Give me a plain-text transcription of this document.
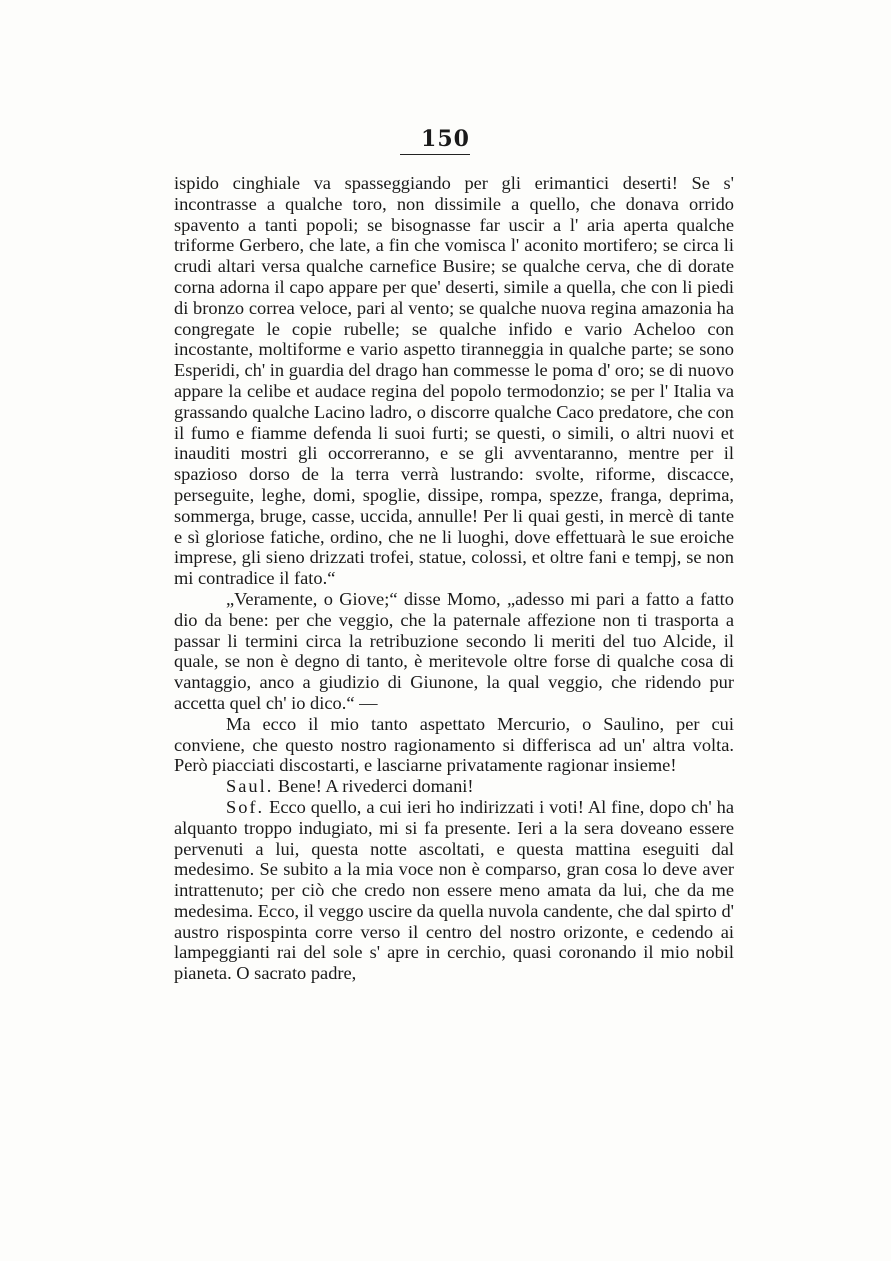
150

ispido cinghiale va spasseggiando per gli erimantici deserti! Se s' incontrasse a qualche toro, non dissimile a quello, che donava orrido spavento a tanti popoli; se bisognasse far uscir a l' aria aperta qualche triforme Gerbero, che late, a fin che vomisca l' aconito mortifero; se circa li crudi altari versa qualche carnefice Busire; se qualche cerva, che di dorate corna adorna il capo appare per que' deserti, simile a quella, che con li piedi di bronzo correa veloce, pari al vento; se qualche nuova regina amazonia ha congregate le copie rubelle; se qualche infido e vario Acheloo con incostante, moltiforme e vario aspetto tiranneggia in qualche parte; se sono Esperidi, ch' in guardia del drago han commesse le poma d' oro; se di nuovo appare la celibe et audace regina del popolo termodonzio; se per l' Italia va grassando qualche Lacino ladro, o discorre qualche Caco predatore, che con il fumo e fiamme defenda li suoi furti; se questi, o simili, o altri nuovi et inauditi mostri gli occorreranno, e se gli avventaranno, mentre per il spazioso dorso de la terra verrà lustrando: svolte, riforme, discacce, perseguite, leghe, domi, spoglie, dissipe, rompa, spezze, franga, deprima, sommerga, bruge, casse, uccida, annulle! Per li quai gesti, in mercè di tante e sì gloriose fatiche, ordino, che ne li luoghi, dove effettuarà le sue eroiche imprese, gli sieno drizzati trofei, statue, colossi, et oltre fani e tempj, se non mi contradice il fato.“

„Veramente, o Giove;“ disse Momo, „adesso mi pari a fatto a fatto dio da bene: per che veggio, che la paternale affezione non ti trasporta a passar li termini circa la retribuzione secondo li meriti del tuo Alcide, il quale, se non è degno di tanto, è meritevole oltre forse di qualche cosa di vantaggio, anco a giudizio di Giunone, la qual veggio, che ridendo pur accetta quel ch' io dico.“ —

Ma ecco il mio tanto aspettato Mercurio, o Saulino, per cui conviene, che questo nostro ragionamento si differisca ad un' altra volta. Però piacciati discostarti, e lasciarne privatamente ragionar insieme!

Saul. Bene! A rivederci domani!

Sof. Ecco quello, a cui ieri ho indirizzati i voti! Al fine, dopo ch' ha alquanto troppo indugiato, mi si fa presente. Ieri a la sera doveano essere pervenuti a lui, questa notte ascoltati, e questa mattina eseguiti dal medesimo. Se subito a la mia voce non è comparso, gran cosa lo deve aver intrattenuto; per ciò che credo non essere meno amata da lui, che da me medesima. Ecco, il veggo uscire da quella nuvola candente, che dal spirto d' austro rispospinta corre verso il centro del nostro orizonte, e cedendo ai lampeggianti rai del sole s' apre in cerchio, quasi coronando il mio nobil pianeta. O sacrato padre,
